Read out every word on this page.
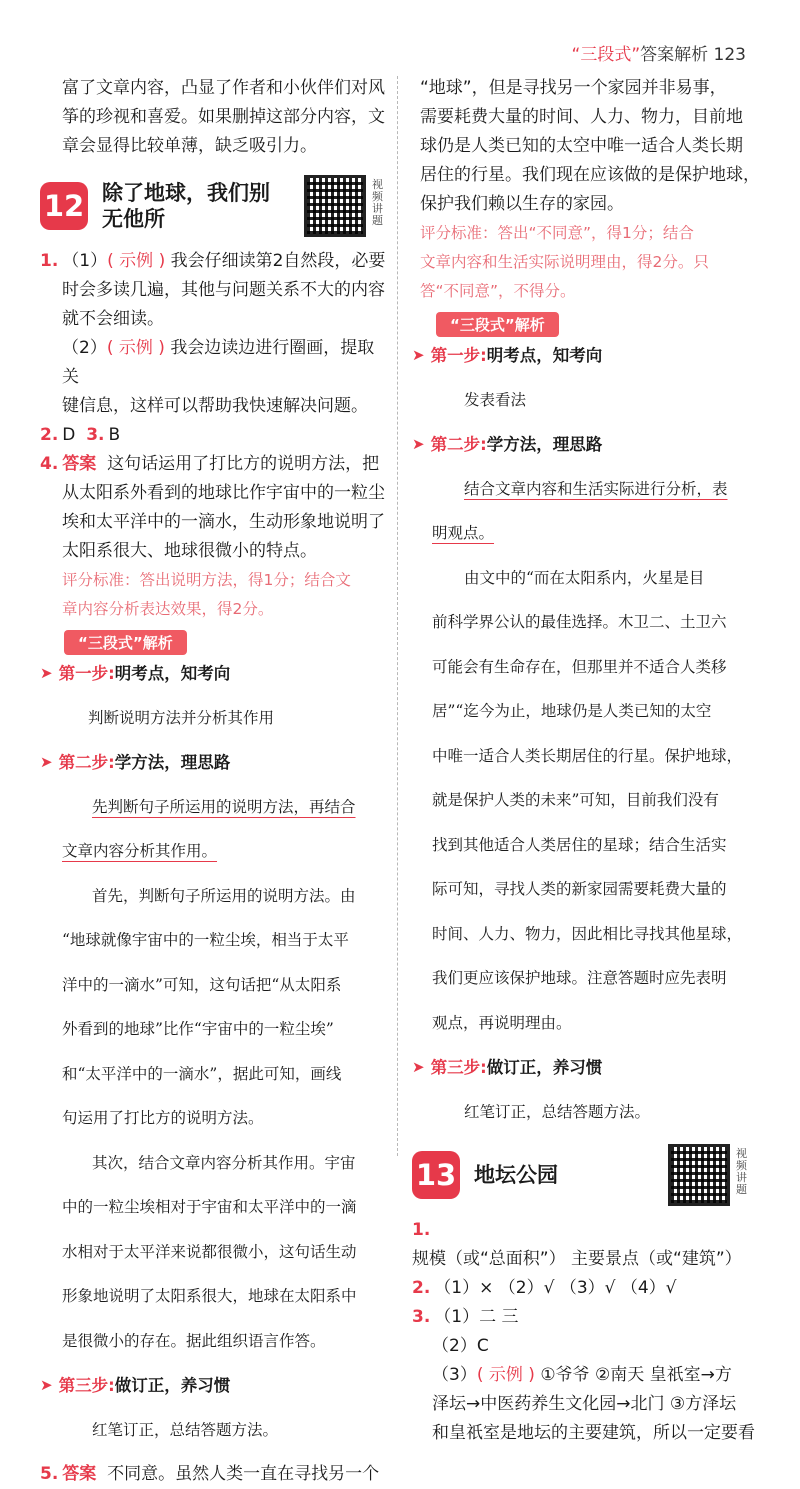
“三段式”答案解析 123

富了文章内容，凸显了作者和小伙伴们对风

筝的珍视和喜爱。如果删掉这部分内容，文

章会显得比较单薄，缺乏吸引力。

12 除了地球，我们别无他所
视频讲题

1. （1）( 示例 ) 我会仔细读第2自然段，必要

时会多读几遍，其他与问题关系不大的内容

就不会细读。

（2）( 示例 ) 我会边读边进行圈画，提取关

键信息，这样可以帮助我快速解决问题。

2. D 3. B

4. 答案 这句话运用了打比方的说明方法，把

从太阳系外看到的地球比作宇宙中的一粒尘

埃和太平洋中的一滴水，生动形象地说明了

太阳系很大、地球很微小的特点。

评分标准：答出说明方法，得1分；结合文

章内容分析表达效果，得2分。

“三段式”解析
➤ 第一步: 明考点，知考向

判断说明方法并分析其作用

➤ 第二步: 学方法，理思路

先判断句子所运用的说明方法，再结合

文章内容分析其作用。

首先，判断句子所运用的说明方法。由

“地球就像宇宙中的一粒尘埃，相当于太平

洋中的一滴水”可知，这句话把“从太阳系

外看到的地球”比作“宇宙中的一粒尘埃”

和“太平洋中的一滴水”，据此可知，画线

句运用了打比方的说明方法。

其次，结合文章内容分析其作用。宇宙

中的一粒尘埃相对于宇宙和太平洋中的一滴

水相对于太平洋来说都很微小，这句话生动

形象地说明了太阳系很大，地球在太阳系中

是很微小的存在。据此组织语言作答。

➤ 第三步: 做订正，养习惯

红笔订正，总结答题方法。

5. 答案 不同意。虽然人类一直在寻找另一个

“地球”，但是寻找另一个家园并非易事，

需要耗费大量的时间、人力、物力，目前地

球仍是人类已知的太空中唯一适合人类长期

居住的行星。我们现在应该做的是保护地球，

保护我们赖以生存的家园。

评分标准：答出“不同意”，得1分；结合

文章内容和生活实际说明理由，得2分。只

答“不同意”，不得分。

“三段式”解析
➤ 第一步: 明考点，知考向

发表看法

➤ 第二步: 学方法，理思路

结合文章内容和生活实际进行分析，表

明观点。

由文中的“而在太阳系内，火星是目

前科学界公认的最佳选择。木卫二、土卫六

可能会有生命存在，但那里并不适合人类移

居”“迄今为止，地球仍是人类已知的太空

中唯一适合人类长期居住的行星。保护地球，

就是保护人类的未来”可知，目前我们没有

找到其他适合人类居住的星球；结合生活实

际可知，寻找人类的新家园需要耗费大量的

时间、人力、物力，因此相比寻找其他星球，

我们更应该保护地球。注意答题时应先表明

观点，再说明理由。

➤ 第三步: 做订正，养习惯

红笔订正，总结答题方法。

13 地坛公园
视频讲题

1.规模（或“总面积”） 主要景点（或“建筑”）

2. （1）× （2）√ （3）√ （4）√

3. （1）二 三

（2）C

（3）( 示例 ) ①爷爷 ②南天 皇祇室→方

泽坛→中医药养生文化园→北门 ③方泽坛

和皇祇室是地坛的主要建筑，所以一定要看
